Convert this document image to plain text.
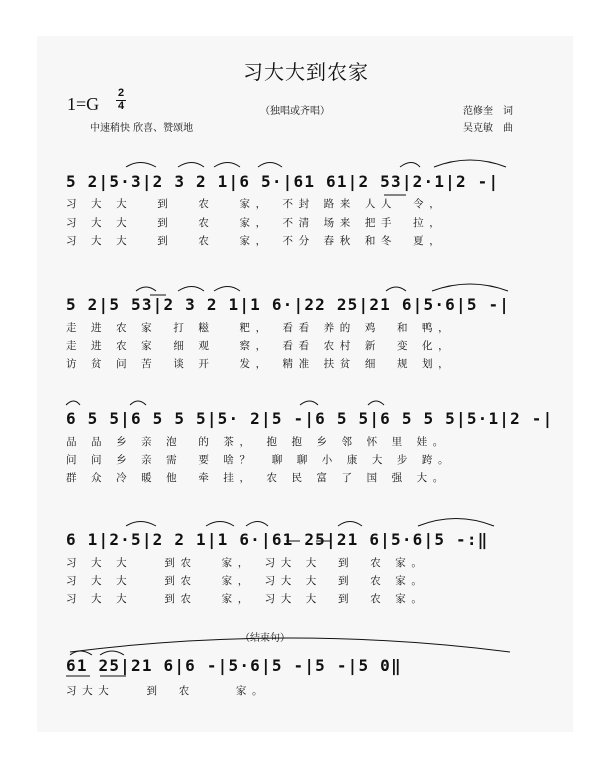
习大大到农家
1=G
2
4	（独唱或齐唱）	范修奎　词
中速稍快 欣喜、赞颂地	吴克敏　曲
5 2|5·3|2 3 2 1|6 5·|61 61|2 53|2·1|2 -|
习 大 大　 到　 农　 家，　不封 路来 人人　令，
习 大 大　 到　 农　 家，　不清 场来 把手　拉，
习 大 大　 到　 农　 家，　不分 春秋 和冬　夏，
5 2|5 53|2 3 2 1|1 6·|22 25|21 6|5·6|5 -|
走 进 农 家　打 糍　 粑，　看看 养的 鸡　和 鸭，
走 进 农 家　细 观　 察，　看看 农村 新　变 化，
访 贫 问 苦　谈 开　 发，　精准 扶贫 细　规 划，
6 5 5|6 5 5 5|5· 2|5 -|6 5 5|6 5 5 5|5·1|2 -|
品 品 乡 亲 泡　的 茶，　抱 抱 乡 邻 怀 里 娃。
问 问 乡 亲 需　要 啥？　聊 聊 小 康 大 步 跨。
群 众 冷 暖 他　牵 挂，　农 民 富 了 国 强 大。
6 1|2·5|2 2 1|1 6·|61 25|21 6|5·6|5 -:‖
习 大 大　　到农　 家，　习大 大　到　农 家。
习 大 大　　到农　 家，　习大 大　到　农 家。
习 大 大　　到农　 家，　习大 大　到　农 家。
（结束句）
61 25|21 6|6 -|5·6|5 -|5 -|5 0‖
习大大　　到　农　　 家。
